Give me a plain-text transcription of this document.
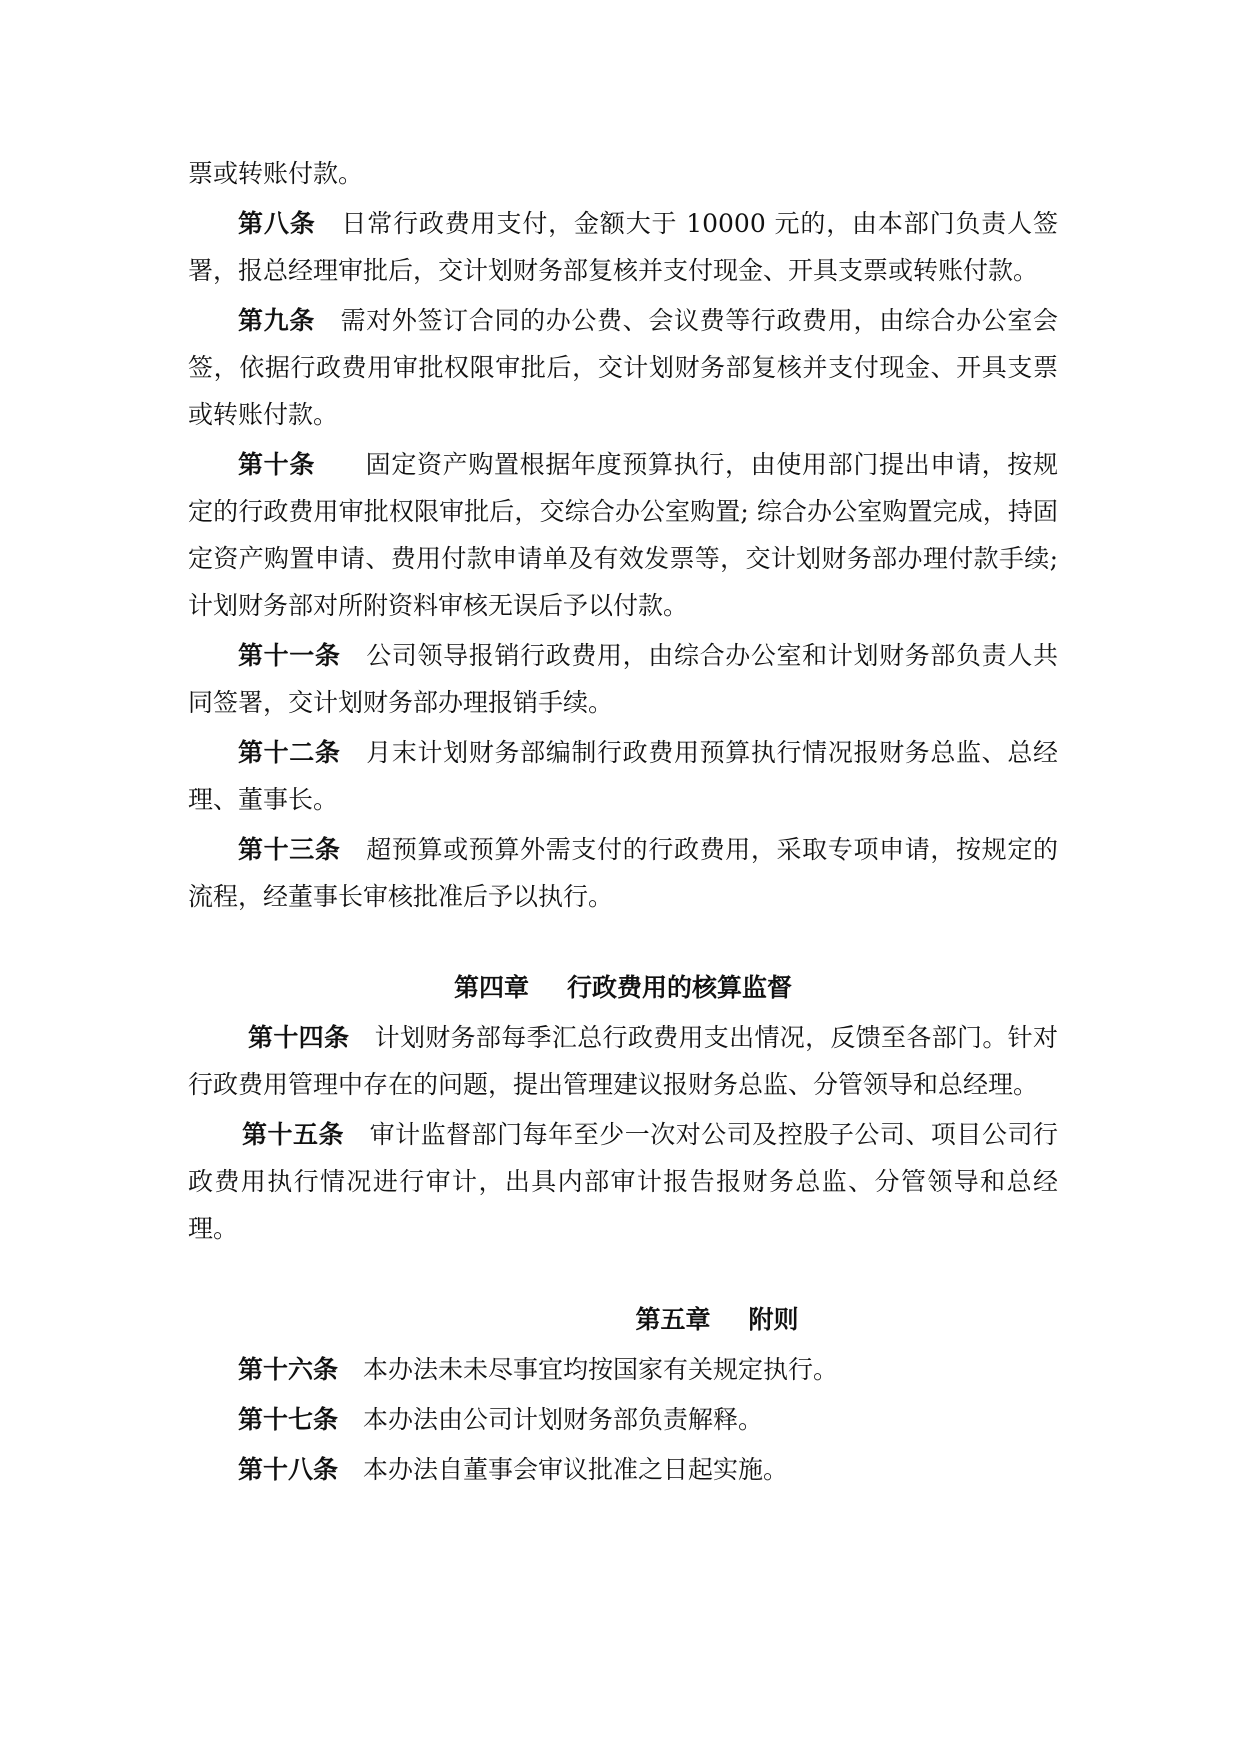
票或转账付款。

第八条 日常行政费用支付，金额大于 10000 元的，由本部门负责人签署，报总经理审批后，交计划财务部复核并支付现金、开具支票或转账付款。

第九条 需对外签订合同的办公费、会议费等行政费用，由综合办公室会签，依据行政费用审批权限审批后，交计划财务部复核并支付现金、开具支票或转账付款。

第十条 固定资产购置根据年度预算执行，由使用部门提出申请，按规定的行政费用审批权限审批后，交综合办公室购置; 综合办公室购置完成，持固定资产购置申请、费用付款申请单及有效发票等，交计划财务部办理付款手续; 计划财务部对所附资料审核无误后予以付款。

第十一条 公司领导报销行政费用，由综合办公室和计划财务部负责人共同签署，交计划财务部办理报销手续。

第十二条 月末计划财务部编制行政费用预算执行情况报财务总监、总经理、董事长。

第十三条 超预算或预算外需支付的行政费用，采取专项申请，按规定的流程，经董事长审核批准后予以执行。

第四章 行政费用的核算监督

第十四条 计划财务部每季汇总行政费用支出情况，反馈至各部门。针对行政费用管理中存在的问题，提出管理建议报财务总监、分管领导和总经理。

第十五条 审计监督部门每年至少一次对公司及控股子公司、项目公司行政费用执行情况进行审计，出具内部审计报告报财务总监、分管领导和总经理。

第五章 附则

第十六条 本办法未未尽事宜均按国家有关规定执行。

第十七条 本办法由公司计划财务部负责解释。

第十八条 本办法自董事会审议批准之日起实施。
